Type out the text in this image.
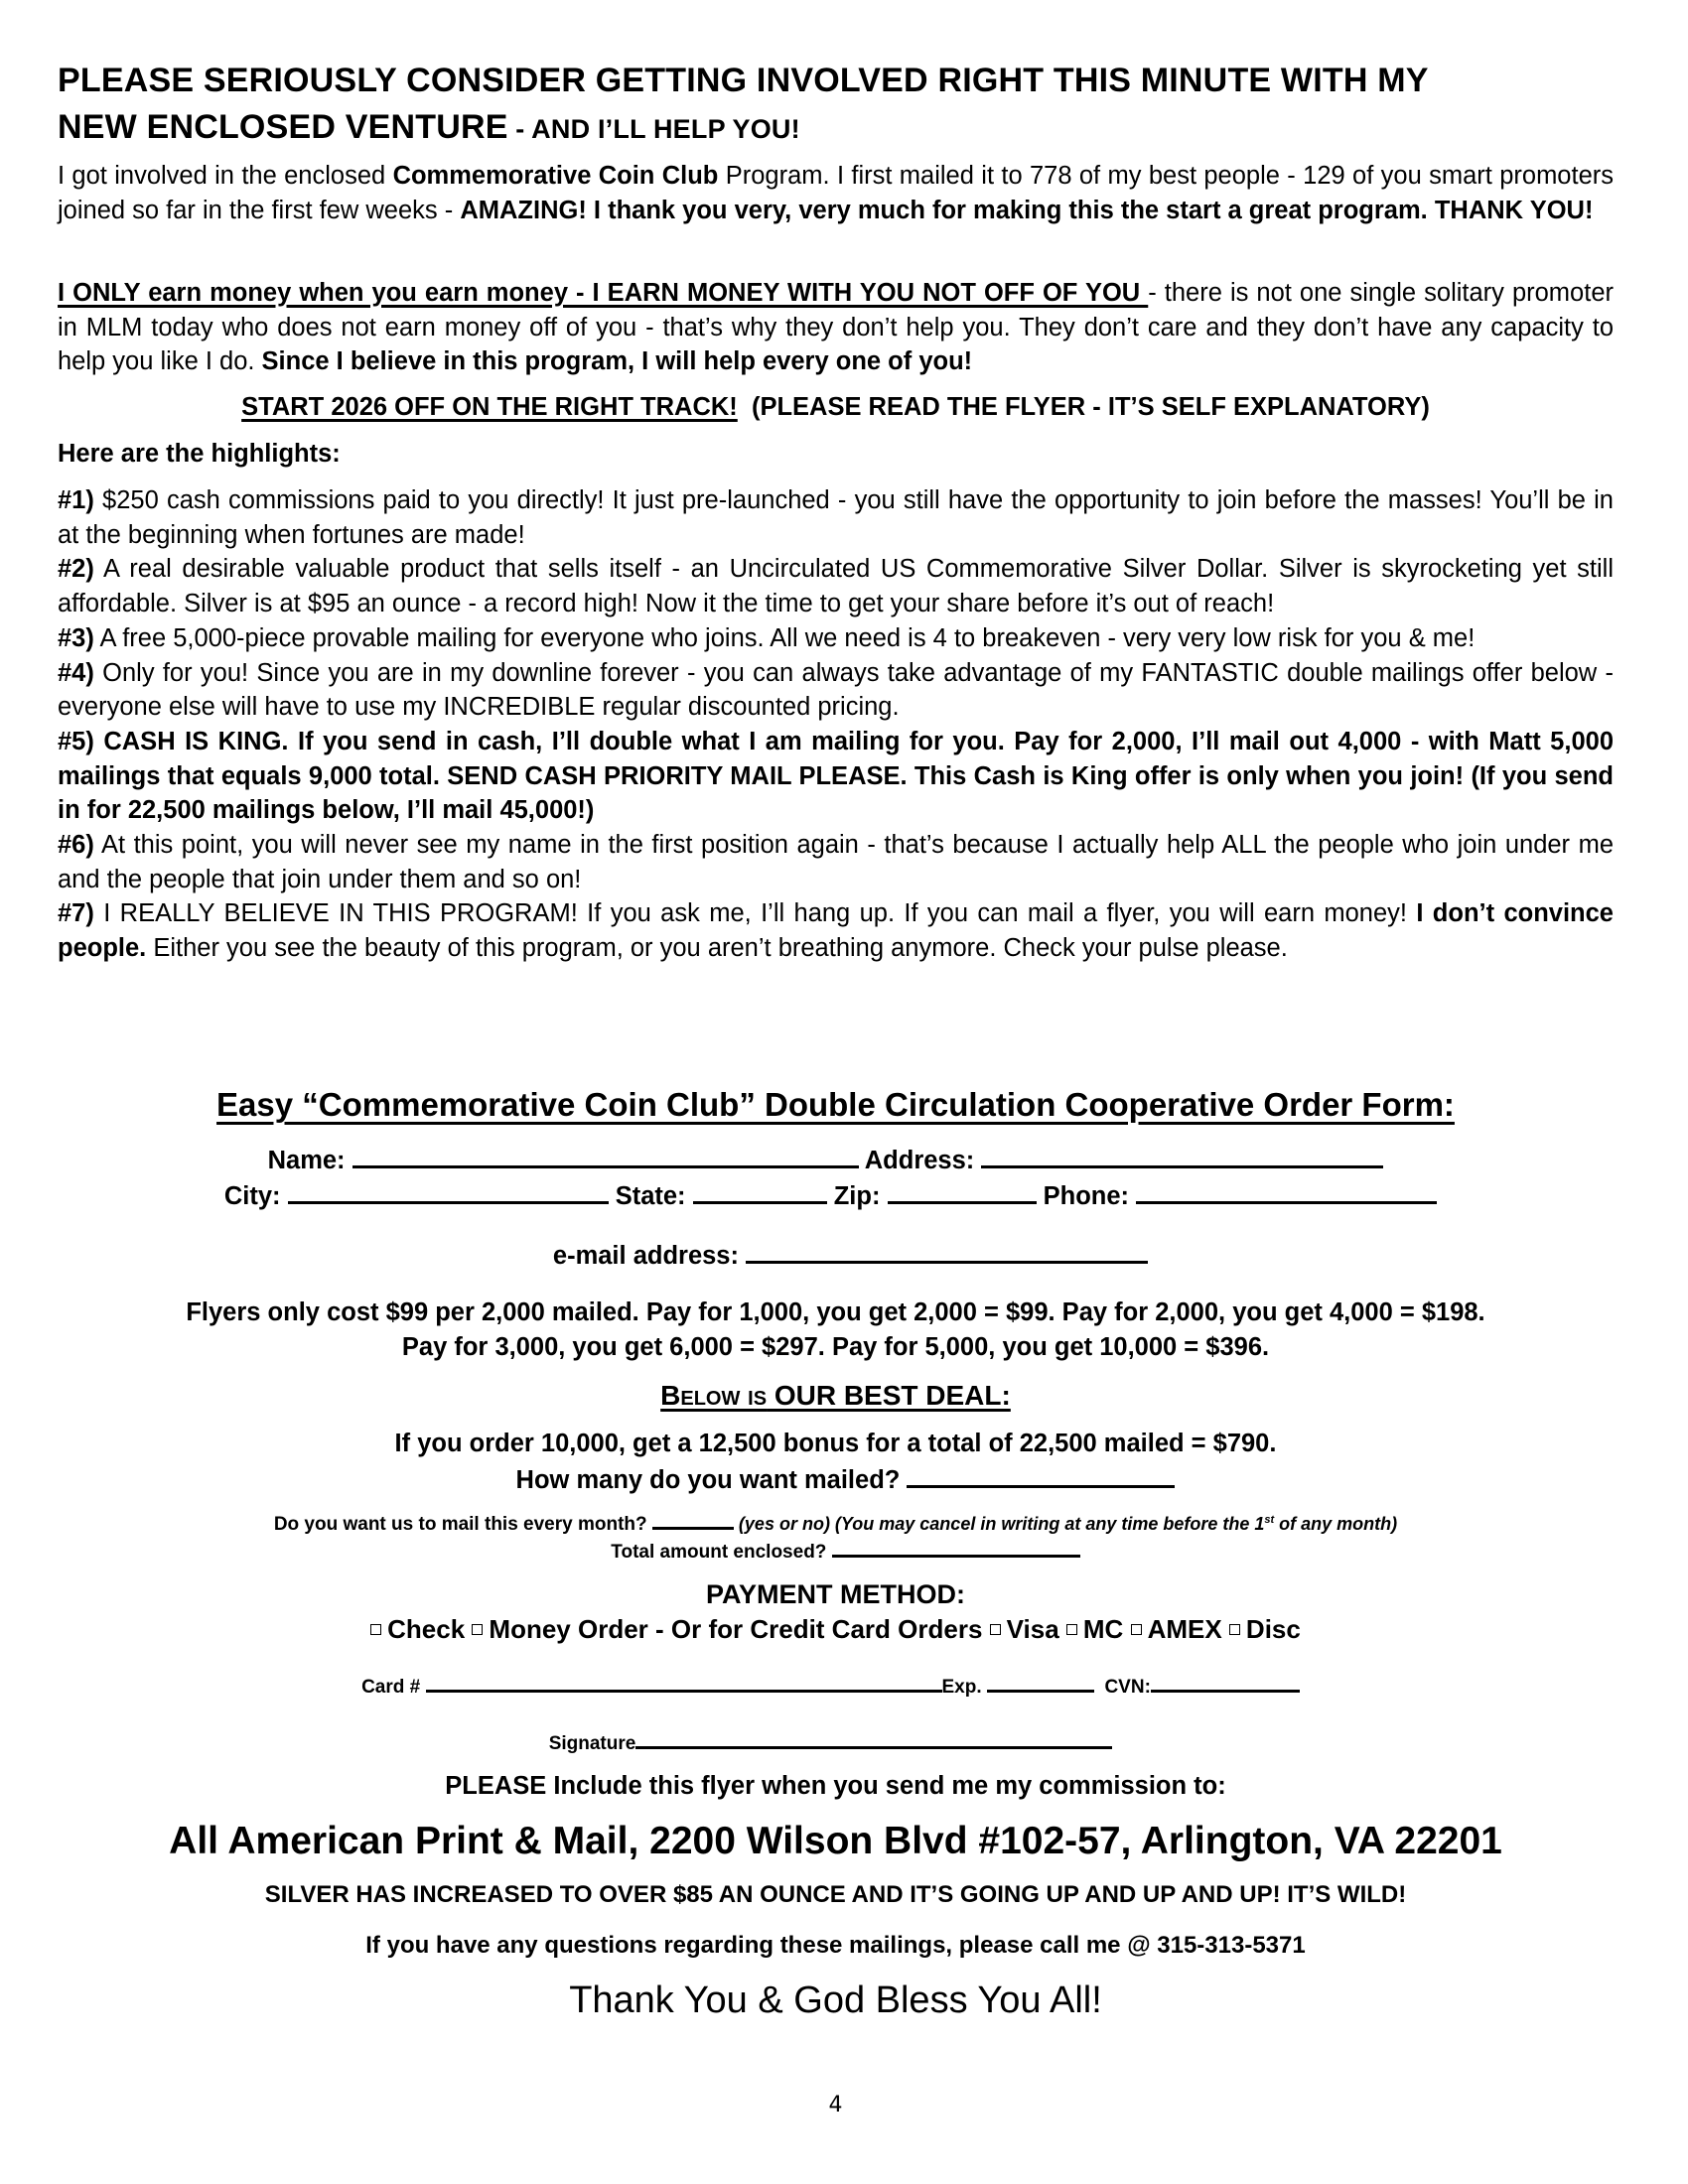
PLEASE SERIOUSLY CONSIDER GETTING INVOLVED RIGHT THIS MINUTE WITH MY
NEW ENCLOSED VENTURE - AND I’LL HELP YOU!
I got involved in the enclosed Commemorative Coin Club Program. I first mailed it to 778 of my best people - 129 of you smart promoters joined so far in the first few weeks - AMAZING! I thank you very, very much for making this the start a great program. THANK YOU!
I ONLY earn money when you earn money - I EARN MONEY WITH YOU NOT OFF OF YOU - there is not one single solitary promoter in MLM today who does not earn money off of you - that’s why they don’t help you. They don’t care and they don’t have any capacity to help you like I do. Since I believe in this program, I will help every one of you!
START 2026 OFF ON THE RIGHT TRACK!  (PLEASE READ THE FLYER - IT’S SELF EXPLANATORY)
Here are the highlights:
#1) $250 cash commissions paid to you directly! It just pre-launched - you still have the opportunity to join before the masses! You’ll be in at the beginning when fortunes are made!
#2) A real desirable valuable product that sells itself - an Uncirculated US Commemorative Silver Dollar. Silver is skyrocketing yet still affordable. Silver is at $95 an ounce - a record high! Now it the time to get your share before it’s out of reach!
#3) A free 5,000-piece provable mailing for everyone who joins. All we need is 4 to breakeven - very very low risk for you & me!
#4) Only for you! Since you are in my downline forever - you can always take advantage of my FANTASTIC double mailings offer below - everyone else will have to use my INCREDIBLE regular discounted pricing.
#5) CASH IS KING. If you send in cash, I’ll double what I am mailing for you. Pay for 2,000, I’ll mail out 4,000 - with Matt 5,000 mailings that equals 9,000 total. SEND CASH PRIORITY MAIL PLEASE. This Cash is King offer is only when you join! (If you send in for 22,500 mailings below, I’ll mail 45,000!)
#6) At this point, you will never see my name in the first position again - that’s because I actually help ALL the people who join under me and the people that join under them and so on!
#7) I REALLY BELIEVE IN THIS PROGRAM! If you ask me, I’ll hang up. If you can mail a flyer, you will earn money! I don’t convince people. Either you see the beauty of this program, or you aren’t breathing anymore. Check your pulse please.
Easy “Commemorative Coin Club” Double Circulation Cooperative Order Form:
Name:	Address:
City:	State:	Zip:	Phone:
e-mail address:
Flyers only cost $99 per 2,000 mailed. Pay for 1,000, you get 2,000 = $99. Pay for 2,000, you get 4,000 = $198.
Pay for 3,000, you get 6,000 = $297. Pay for 5,000, you get 10,000 = $396.
Below is OUR BEST DEAL:
If you order 10,000, get a 12,500 bonus for a total of 22,500 mailed = $790.
How many do you want mailed?
Do you want us to mail this every month?	(yes or no) (You may cancel in writing at any time before the 1st of any month)
Total amount enclosed?
PAYMENT METHOD:
Check Money Order - Or for Credit Card Orders Visa MC AMEX Disc
Card #	Exp.	CVN:
Signature
PLEASE Include this flyer when you send me my commission to:
All American Print & Mail, 2200 Wilson Blvd #102-57, Arlington, VA 22201
SILVER HAS INCREASED TO OVER $85 AN OUNCE AND IT’S GOING UP AND UP AND UP! IT’S WILD!
If you have any questions regarding these mailings, please call me @ 315-313-5371
Thank You & God Bless You All!
4
